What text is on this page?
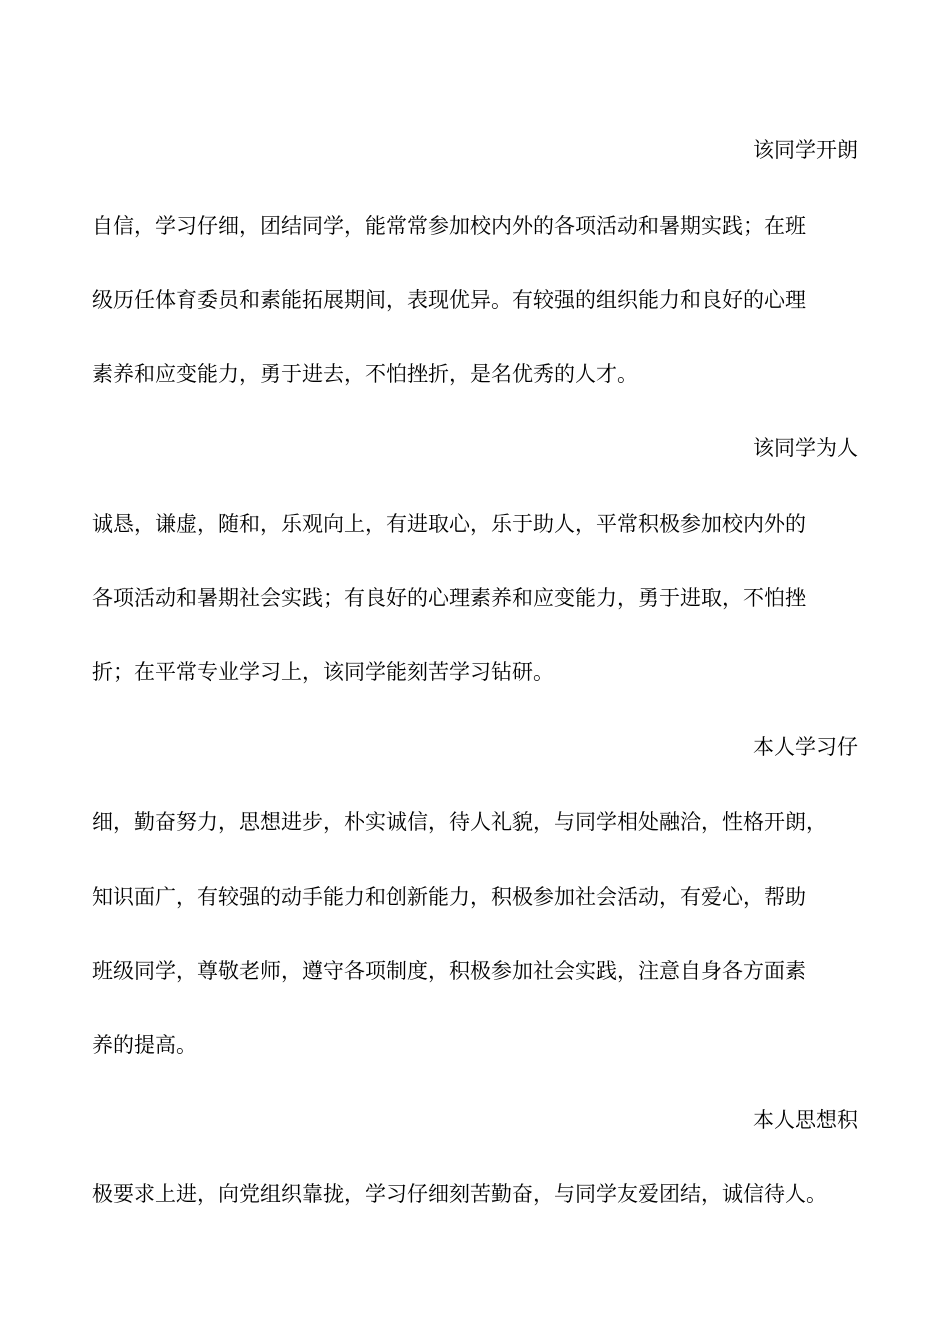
该同学开朗
自信，学习仔细，团结同学，能常常参加校内外的各项活动和暑期实践；在班
级历任体育委员和素能拓展期间，表现优异。有较强的组织能力和良好的心理
素养和应变能力，勇于进去，不怕挫折，是名优秀的人才。
该同学为人
诚恳，谦虚，随和，乐观向上，有进取心，乐于助人，平常积极参加校内外的
各项活动和暑期社会实践；有良好的心理素养和应变能力，勇于进取，不怕挫
折；在平常专业学习上，该同学能刻苦学习钻研。
本人学习仔
细，勤奋努力，思想进步，朴实诚信，待人礼貌，与同学相处融洽，性格开朗，
知识面广，有较强的动手能力和创新能力，积极参加社会活动，有爱心，帮助
班级同学，尊敬老师，遵守各项制度，积极参加社会实践，注意自身各方面素
养的提高。
本人思想积
极要求上进，向党组织靠拢，学习仔细刻苦勤奋，与同学友爱团结，诚信待人。
